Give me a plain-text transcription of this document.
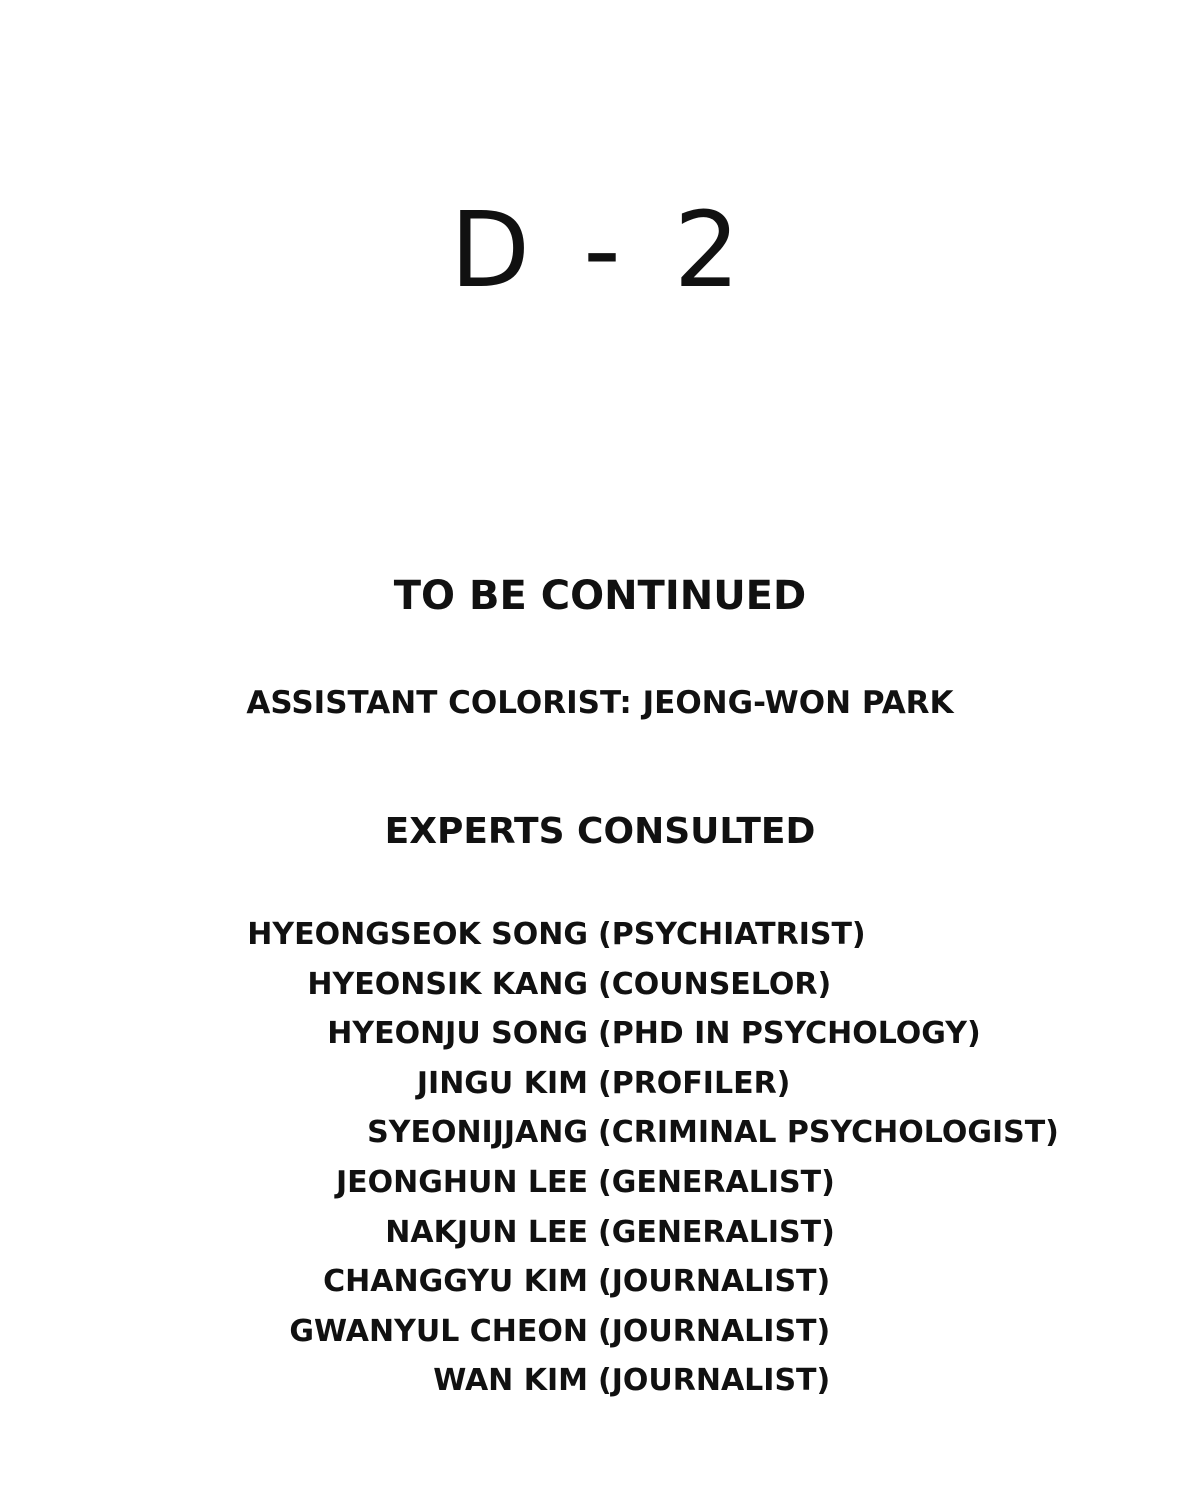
D - 2
TO BE CONTINUED

ASSISTANT COLORIST: JEONG-WON PARK

EXPERTS CONSULTED
HYEONGSEOK SONG (PSYCHIATRIST)
HYEONSIK KANG (COUNSELOR)
HYEONJU SONG (PHD IN PSYCHOLOGY)
JINGU KIM (PROFILER)
SYEONIJJANG (CRIMINAL PSYCHOLOGIST)
JEONGHUN LEE (GENERALIST)
NAKJUN LEE (GENERALIST)
CHANGGYU KIM (JOURNALIST)
GWANYUL CHEON (JOURNALIST)
WAN KIM (JOURNALIST)
